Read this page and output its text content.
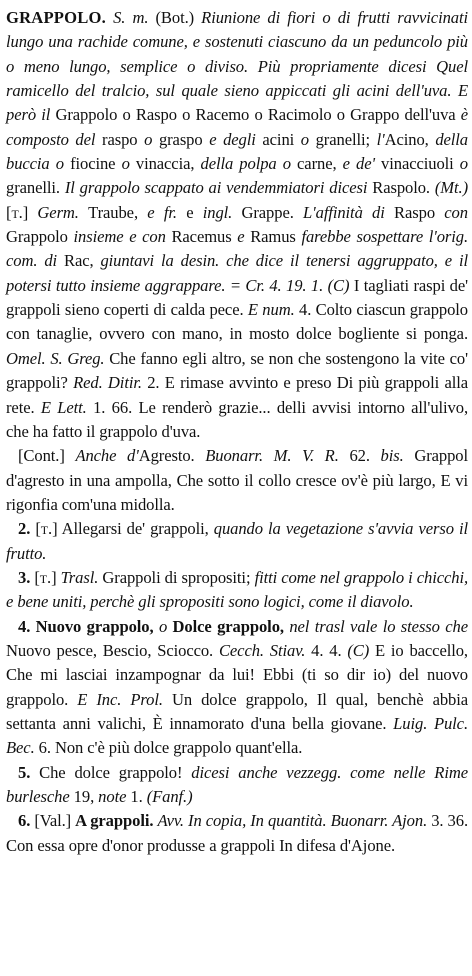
GRAPPOLO. S. m. (Bot.) Riunione di fiori o di frutti ravvicinati lungo una rachide comune, e sostenuti ciascuno da un peduncolo più o meno lungo, semplice o diviso. Più propriamente dicesi Quel ramicello del tralcio, sul quale sieno appiccati gli acini dell'uva. E però il Grappolo o Raspo o Racemo o Racimolo o Grappo dell'uva è composto del raspo o graspo e degli acini o granelli; l'Acino, della buccia o fiocine o vinaccia, della polpa o carne, e de' vinacciuoli o granelli. Il grappolo scappato ai vendemmiatori dicesi Raspolo. (Mt.) [t.] Germ. Traube, e fr. e ingl. Grappe. L'affinità di Raspo con Grappolo insieme e con Racemus e Ramus farebbe sospettare l'orig. com. di Rac, giuntavi la desin. che dice il tenersi aggruppato, e il potersi tutto insieme aggrappare. = Cr. 4. 19. 1. (C) I tagliati raspi de' grappoli sieno coperti di calda pece. E num. 4. Colto ciascun grappolo con tanaglie, ovvero con mano, in mosto dolce bogliente si ponga. Omel. S. Greg. Che fanno egli altro, se non che sostengono la vite co' grappoli? Red. Ditir. 2. E rimase avvinto e preso Di più grappoli alla rete. E Lett. 1. 66. Le renderò grazie... delli avvisi intorno all'ulivo, che ha fatto il grappolo d'uva.

[Cont.] Anche d'Agresto. Buonarr. M. V. R. 62. bis. Grappol d'agresto in una ampolla, Che sotto il collo cresce ov'è più largo, E vi rigonfia com'una midolla.

2. [t.] Allegarsi de' grappoli, quando la vegetazione s'avvia verso il frutto.

3. [t.] Trasl. Grappoli di spropositi; fitti come nel grappolo i chicchi, e bene uniti, perchè gli spropositi sono logici, come il diavolo.

4. Nuovo grappolo, o Dolce grappolo, nel trasl vale lo stesso che Nuovo pesce, Bescio, Sciocco. Cecch. Stiav. 4. 4. (C) E io baccello, Che mi lasciai inzampognar da lui! Ebbi (ti so dir io) del nuovo grappolo. E Inc. Prol. Un dolce grappolo, Il qual, benchè abbia settanta anni valichi, È innamorato d'una bella giovane. Luig. Pulc. Bec. 6. Non c'è più dolce grappolo quant'ella.

5. Che dolce grappolo! dicesi anche vezzegg. come nelle Rime burlesche 19, note 1. (Fanf.)

6. [Val.] A grappoli. Avv. In copia, In quantità. Buonarr. Ajon. 3. 36. Con essa opre d'onor produsse a grappoli In difesa d'Ajone.
